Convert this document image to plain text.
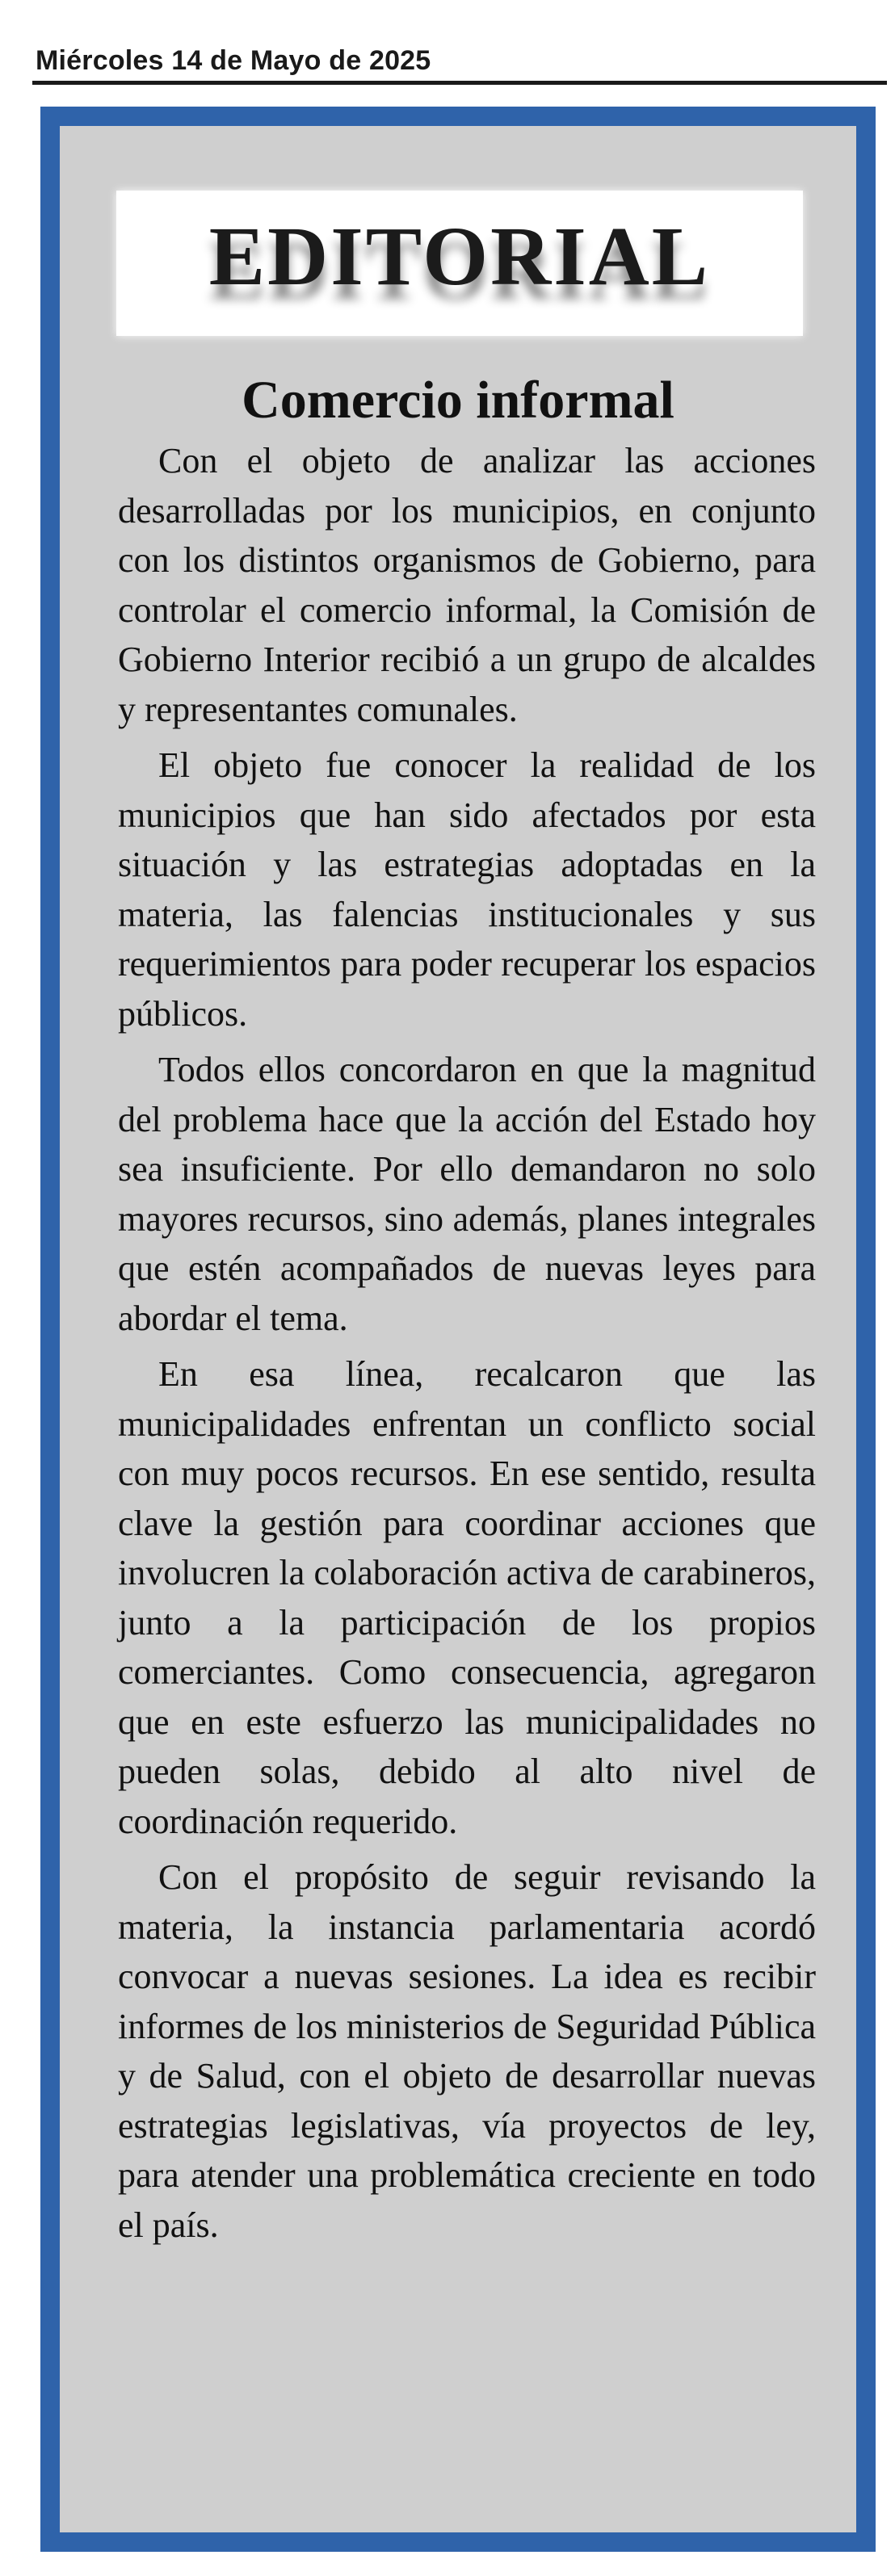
Miércoles 14 de Mayo de 2025
EDITORIAL
Comercio informal

Con el objeto de analizar las acciones desarrolladas por los municipios, en conjunto con los distintos organismos de Gobierno, para controlar el comercio informal, la Comisión de Gobierno Interior recibió a un grupo de alcaldes y representantes comunales.

El objeto fue conocer la realidad de los municipios que han sido afectados por esta situación y las estrategias adoptadas en la materia, las falencias institucionales y sus requerimientos para poder recuperar los espacios públicos.

Todos ellos concordaron en que la magnitud del problema hace que la acción del Estado hoy sea insuficiente. Por ello demandaron no solo mayores recursos, sino además, planes integrales que estén acompañados de nuevas leyes para abordar el tema.

En esa línea, recalcaron que las municipalidades enfrentan un conflicto social con muy pocos recursos. En ese sentido, resulta clave la gestión para coordinar acciones que involucren la colaboración activa de carabineros, junto a la participación de los propios comerciantes. Como consecuencia, agregaron que en este esfuerzo las municipalidades no pueden solas, debido al alto nivel de coordinación requerido.

Con el propósito de seguir revisando la materia, la instancia parlamentaria acordó convocar a nuevas sesiones. La idea es recibir informes de los ministerios de Seguridad Pública y de Salud, con el objeto de desarrollar nuevas estrategias legislativas, vía proyectos de ley, para atender una problemática creciente en todo el país.
